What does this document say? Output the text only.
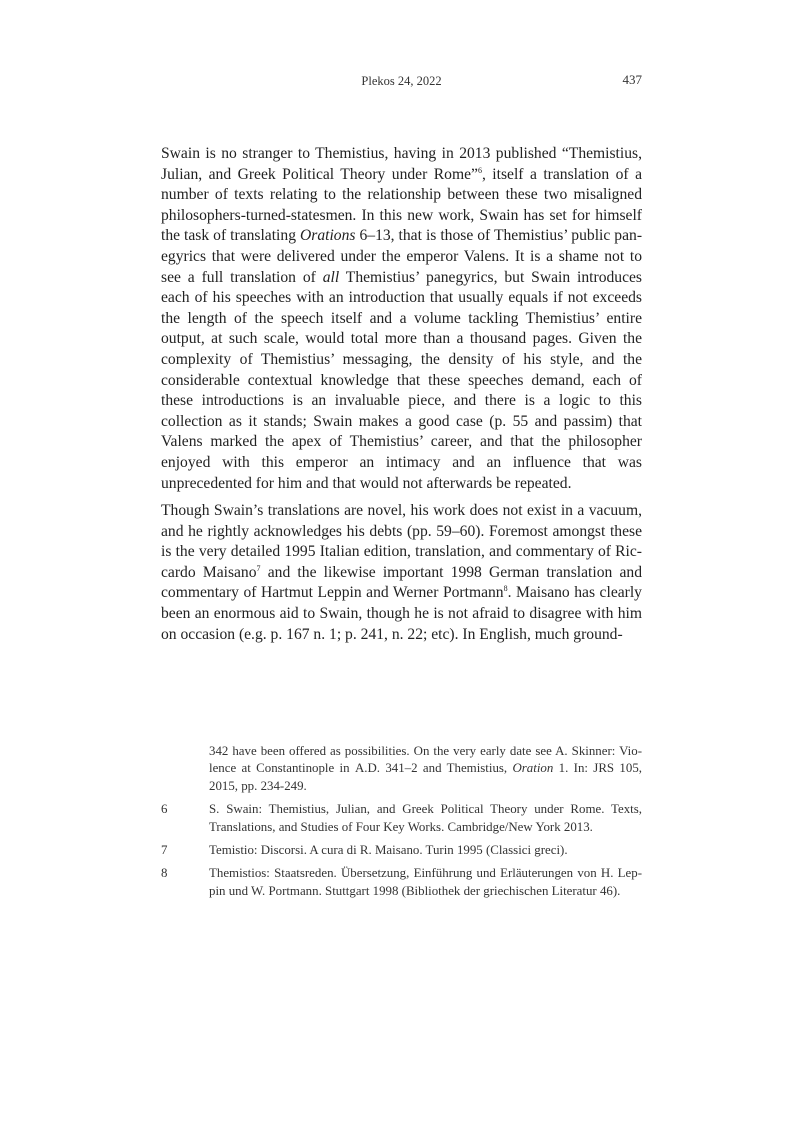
Plekos 24, 2022	437

Swain is no stranger to Themistius, having in 2013 published “Themistius, Julian, and Greek Political Theory under Rome”$^6$, itself a translation of a number of texts relating to the relationship between these two misaligned philosophers-turned-statesmen. In this new work, Swain has set for himself the task of translating Orations 6–13, that is those of Themistius’ public panegyrics that were delivered under the emperor Valens. It is a shame not to see a full translation of all Themistius’ panegyrics, but Swain introduces each of his speeches with an introduction that usually equals if not exceeds the length of the speech itself and a volume tackling Themistius’ entire output, at such scale, would total more than a thousand pages. Given the complexity of Themistius’ messaging, the density of his style, and the considerable contextual knowledge that these speeches demand, each of these introductions is an invaluable piece, and there is a logic to this collection as it stands; Swain makes a good case (p. 55 and passim) that Valens marked the apex of Themistius’ career, and that the philosopher enjoyed with this emperor an intimacy and an influence that was unprecedented for him and that would not afterwards be repeated.

Though Swain’s translations are novel, his work does not exist in a vacuum, and he rightly acknowledges his debts (pp. 59–60). Foremost amongst these is the very detailed 1995 Italian edition, translation, and commentary of Riccardo Maisano$^7$ and the likewise important 1998 German translation and commentary of Hartmut Leppin and Werner Portmann$^8$. Maisano has clearly been an enormous aid to Swain, though he is not afraid to disagree with him on occasion (e.g. p. 167 n. 1; p. 241, n. 22; etc). In English, much ground-

342 have been offered as possibilities. On the very early date see A. Skinner: Violence at Constantinople in A.D. 341–2 and Themistius, Oration 1. In: JRS 105, 2015, pp. 234-249.
6	S. Swain: Themistius, Julian, and Greek Political Theory under Rome. Texts, Translations, and Studies of Four Key Works. Cambridge/New York 2013.
7	Temistio: Discorsi. A cura di R. Maisano. Turin 1995 (Classici greci).
8	Themistios: Staatsreden. Übersetzung, Einführung und Erläuterungen von H. Leppin und W. Portmann. Stuttgart 1998 (Bibliothek der griechischen Literatur 46).
